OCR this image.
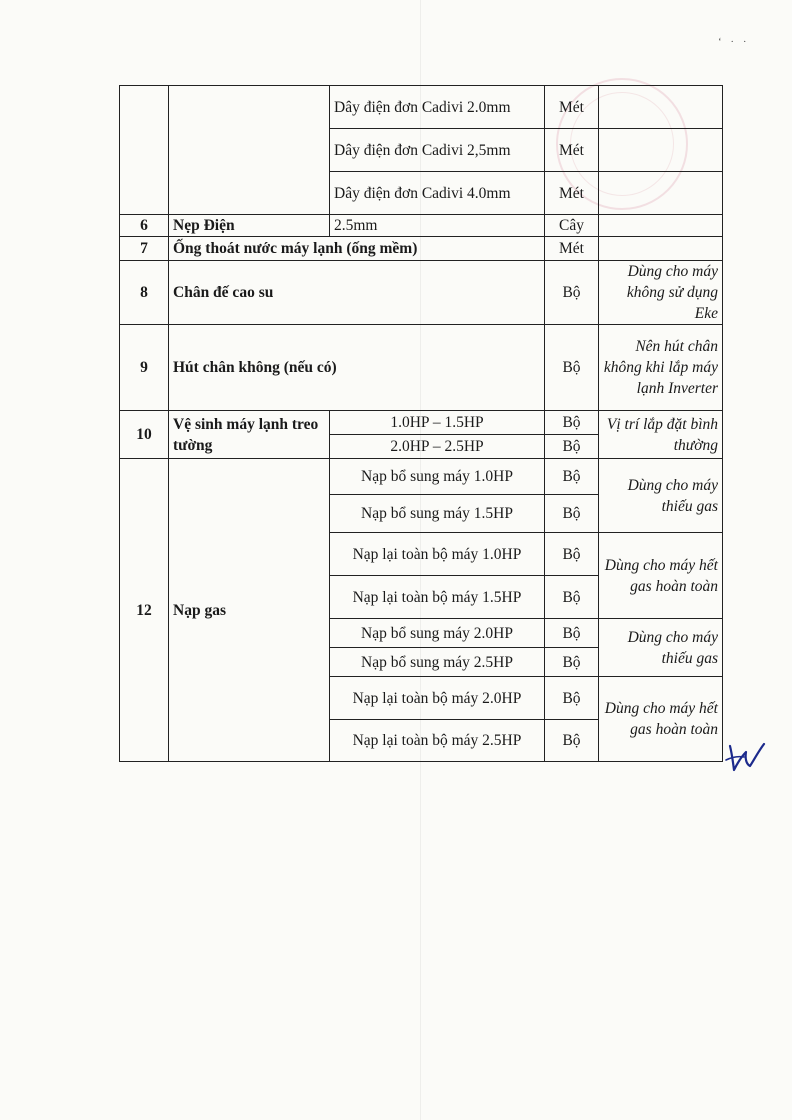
‘ · ·
		Dây điện đơn Cadivi 2.0mm	Mét	
		Dây điện đơn Cadivi 2,5mm	Mét	
		Dây điện đơn Cadivi 4.0mm	Mét	
6	Nẹp Điện	2.5mm	Cây	
7	Ống thoát nước máy lạnh (ống mềm)		Mét	
8	Chân đế cao su		Bộ	Dùng cho máy không sử dụng Eke
9	Hút chân không (nếu có)		Bộ	Nên hút chân không khi lắp máy lạnh Inverter
10	Vệ sinh máy lạnh treo tường	1.0HP – 1.5HP	Bộ	Vị trí lắp đặt bình thường
		2.0HP – 2.5HP	Bộ	
12	Nạp gas	Nạp bổ sung máy 1.0HP	Bộ	Dùng cho máy thiếu gas
		Nạp bổ sung máy 1.5HP	Bộ	
		Nạp lại toàn bộ máy 1.0HP	Bộ	Dùng cho máy hết gas hoàn toàn
		Nạp lại toàn bộ máy 1.5HP	Bộ	
		Nạp bổ sung máy 2.0HP	Bộ	Dùng cho máy thiếu gas
		Nạp bổ sung máy 2.5HP	Bộ	
		Nạp lại toàn bộ máy 2.0HP	Bộ	Dùng cho máy hết gas hoàn toàn
		Nạp lại toàn bộ máy 2.5HP	Bộ	
